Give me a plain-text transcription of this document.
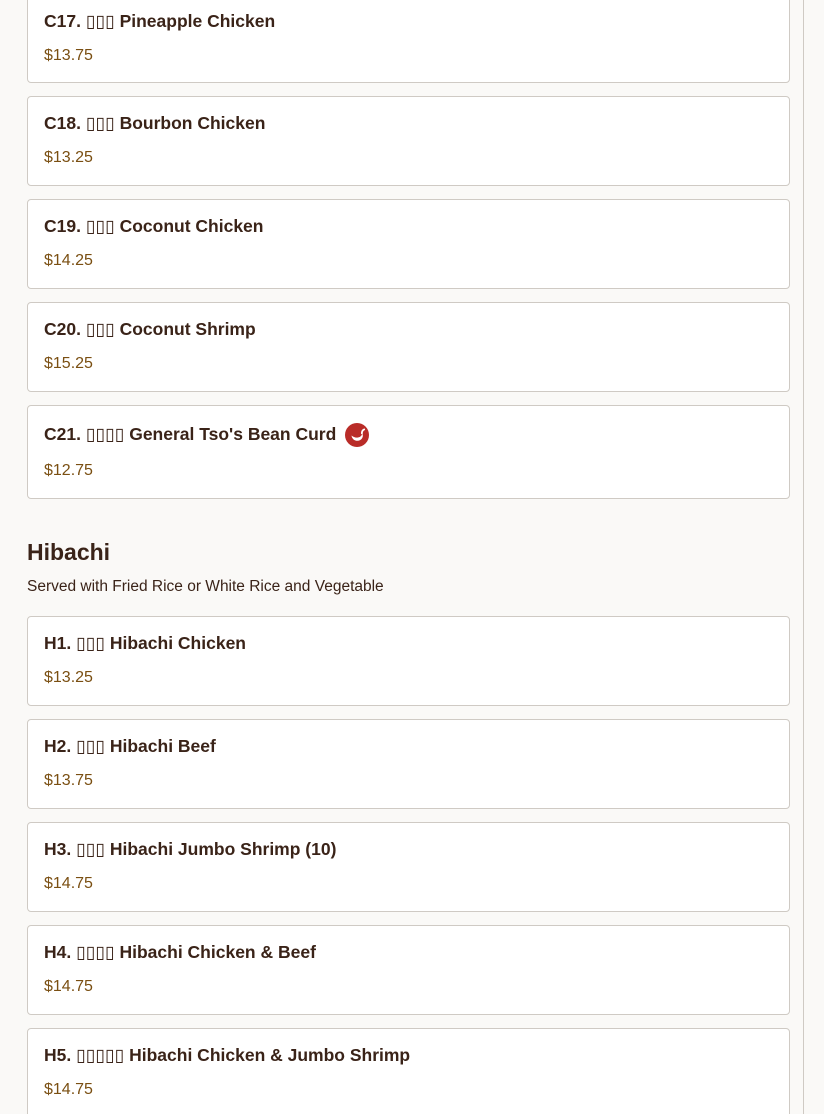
C17. ▯▯▯ Pineapple Chicken
$13.75
C18. ▯▯▯ Bourbon Chicken
$13.25
C19. ▯▯▯ Coconut Chicken
$14.25
C20. ▯▯▯ Coconut Shrimp
$15.25
C21. ▯▯▯▯ General Tso's Bean Curd
$12.75
Hibachi
Served with Fried Rice or White Rice and Vegetable
H1. ▯▯▯ Hibachi Chicken
$13.25
H2. ▯▯▯ Hibachi Beef
$13.75
H3. ▯▯▯ Hibachi Jumbo Shrimp (10)
$14.75
H4. ▯▯▯▯ Hibachi Chicken & Beef
$14.75
H5. ▯▯▯▯▯ Hibachi Chicken & Jumbo Shrimp
$14.75
